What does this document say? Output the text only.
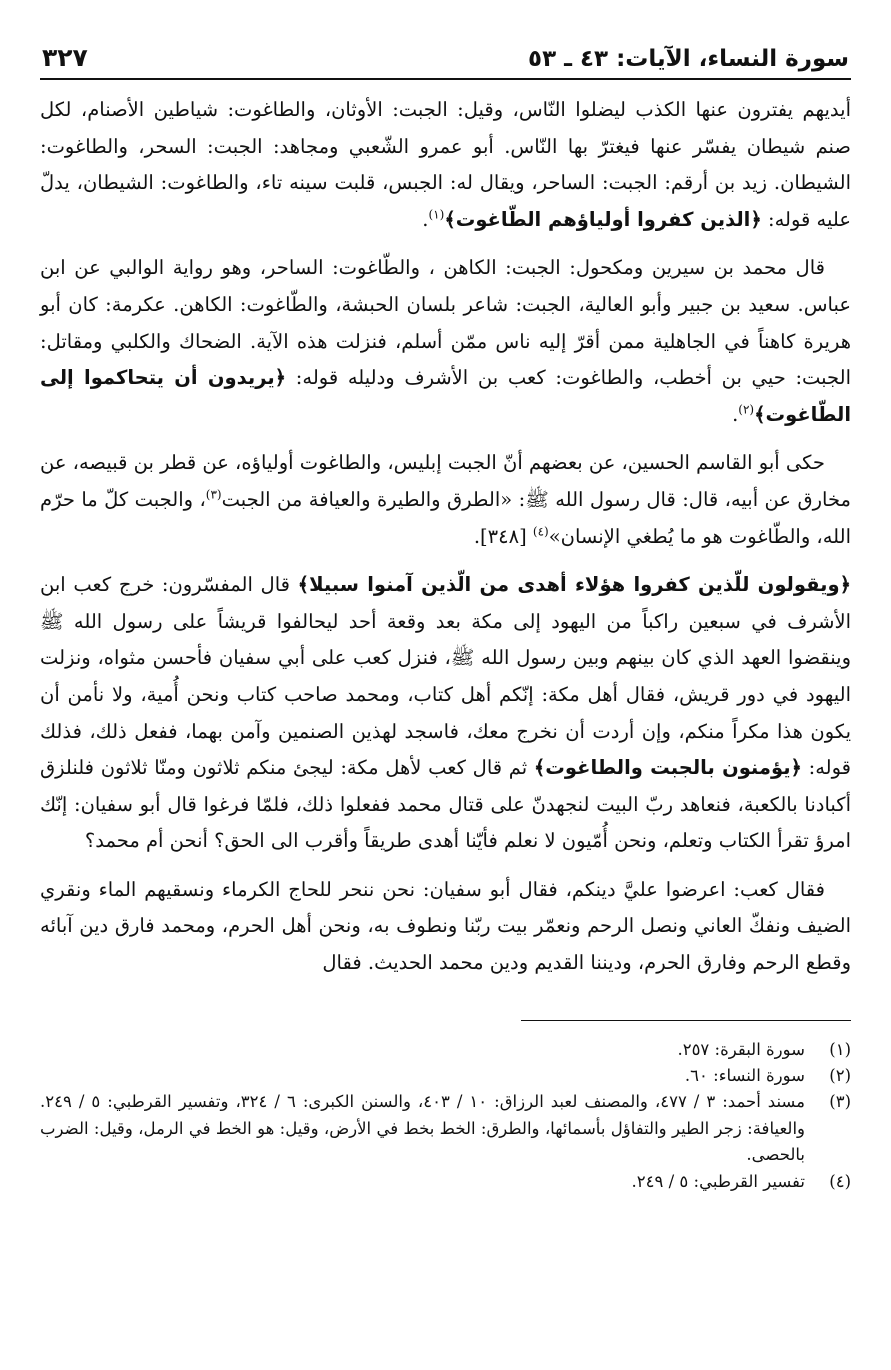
سورة النساء، الآيات: ٤٣ ـ ٥٣
٣٢٧

أيديهم يفترون عنها الكذب ليضلوا النّاس، وقيل: الجبت: الأوثان، والطاغوت: شياطين الأصنام، لكل صنم شيطان يفسّر عنها فيغترّ بها النّاس. أبو عمرو الشّعبي ومجاهد: الجبت: السحر، والطاغوت: الشيطان. زيد بن أرقم: الجبت: الساحر، ويقال له: الجبس، قلبت سينه تاء، والطاغوت: الشيطان، يدلّ عليه قوله: ﴿الذين كفروا أولياؤهم الطّاغوت﴾$^{(١)}$.

قال محمد بن سيرين ومكحول: الجبت: الكاهن ، والطّاغوت: الساحر، وهو رواية الوالبي عن ابن عباس. سعيد بن جبير وأبو العالية، الجبت: شاعر بلسان الحبشة، والطّاغوت: الكاهن. عكرمة: كان أبو هريرة كاهناً في الجاهلية ممن أقرّ إليه ناس ممّن أسلم، فنزلت هذه الآية. الضحاك والكلبي ومقاتل: الجبت: حيي بن أخطب، والطاغوت: كعب بن الأشرف ودليله قوله: ﴿يريدون أن يتحاكموا إلى الطّاغوت﴾$^{(٢)}$.

حكى أبو القاسم الحسين، عن بعضهم أنّ الجبت إبليس، والطاغوت أولياؤه، عن قطر بن قبيصه، عن مخارق عن أبيه، قال: قال رسول الله ﷺ: «الطرق والطيرة والعيافة من الجبت$^{(٣)}$، والجبت كلّ ما حرّم الله، والطّاغوت هو ما يُطغي الإنسان»$^{(٤)}$ [٣٤٨].

﴿ويقولون للّذين كفروا هؤلاء أهدى من الّذين آمنوا سبيلا﴾ قال المفسّرون: خرج كعب ابن الأشرف في سبعين راكباً من اليهود إلى مكة بعد وقعة أحد ليحالفوا قريشاً على رسول الله ﷺ وينقضوا العهد الذي كان بينهم وبين رسول الله ﷺ، فنزل كعب على أبي سفيان فأحسن مثواه، ونزلت اليهود في دور قريش، فقال أهل مكة: إنّكم أهل كتاب، ومحمد صاحب كتاب ونحن أُمية، ولا نأمن أن يكون هذا مكراً منكم، وإن أردت أن نخرج معك، فاسجد لهذين الصنمين وآمن بهما، ففعل ذلك، فذلك قوله: ﴿يؤمنون بالجبت والطاغوت﴾ ثم قال كعب لأهل مكة: ليجئ منكم ثلاثون ومنّا ثلاثون فلنلزق أكبادنا بالكعبة، فنعاهد ربّ البيت لنجهدنّ على قتال محمد ففعلوا ذلك، فلمّا فرغوا قال أبو سفيان: إنّك امرؤ تقرأ الكتاب وتعلم، ونحن أُمّيون لا نعلم فأيّنا أهدى طريقاً وأقرب الى الحق؟ أنحن أم محمد؟

فقال كعب: اعرضوا عليَّ دينكم، فقال أبو سفيان: نحن ننحر للحاج الكرماء ونسقيهم الماء ونقري الضيف ونفكّ العاني ونصل الرحم ونعمّر بيت ربّنا ونطوف به، ونحن أهل الحرم، ومحمد فارق دين آبائه وقطع الرحم وفارق الحرم، وديننا القديم ودين محمد الحديث. فقال

(١)
سورة البقرة: ٢٥٧.
(٢)
سورة النساء: ٦٠.
(٣)
مسند أحمد: ٣ / ٤٧٧، والمصنف لعبد الرزاق: ١٠ / ٤٠٣، والسنن الكبرى: ٦ / ٣٢٤، وتفسير القرطبي: ٥ / ٢٤٩. والعيافة: زجر الطير والتفاؤل بأسمائها، والطرق: الخط بخط في الأرض، وقيل: هو الخط في الرمل، وقيل: الضرب بالحصى.
(٤)
تفسير القرطبي: ٥ / ٢٤٩.
